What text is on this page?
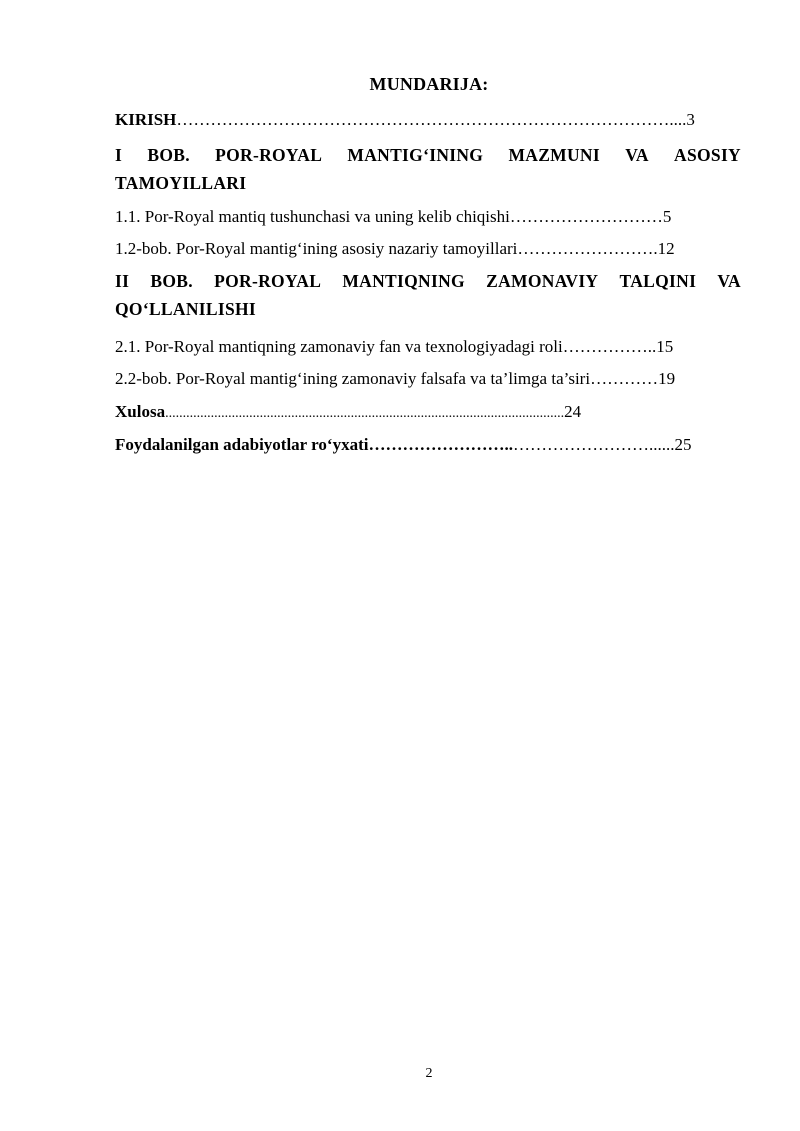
MUNDARIJA:
KIRISH……………………………………………………………………………....3
I BOB. POR-ROYAL MANTIG‘INING MAZMUNI VA ASOSIY
TAMOYILLARI
1.1. Por-Royal mantiq tushunchasi va uning kelib chiqishi………………………5
1.2-bob. Por-Royal mantig‘ining asosiy nazariy tamoyillari…………………….12
II BOB. POR-ROYAL MANTIQNING ZAMONAVIY TALQINI VA
QO‘LLANILISHI
2.1. Por-Royal mantiqning zamonaviy fan va texnologiyadagi roli……………..15
2.2-bob. Por-Royal mantig‘ining zamonaviy falsafa va ta’limga ta’siri…………19
Xulosa..................................................................................................................24
Foydalanilgan adabiyotlar ro‘yxati……………………..……………………......25
2
